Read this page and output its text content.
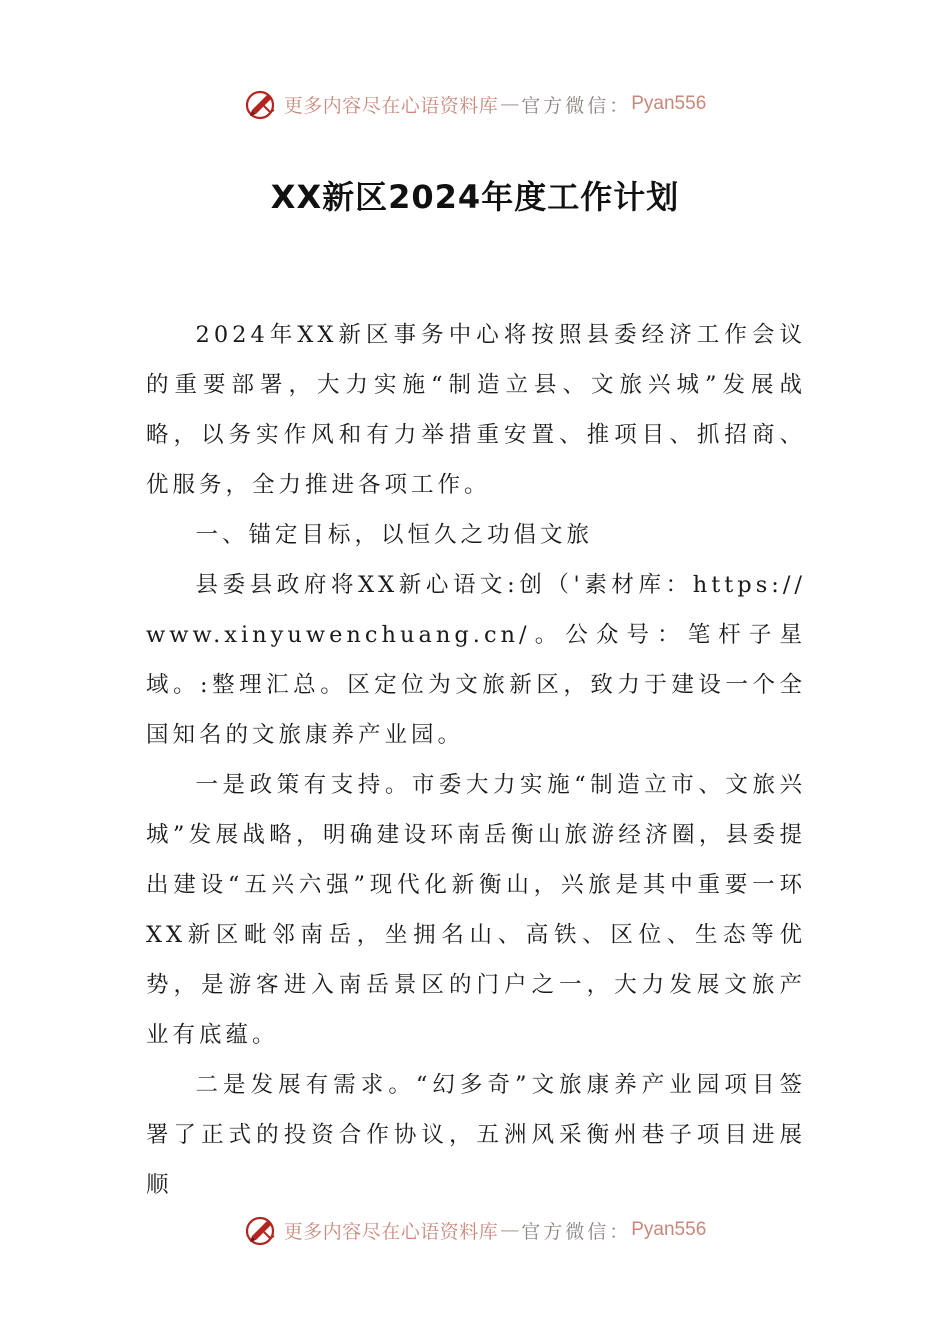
更多内容尽在心语资料库 — 官方微信： Pyan556
XX新区2024年度工作计划

2024年XX新区事务中心将按照县委经济工作会议的重要部署，大力实施“制造立县、文旅兴城”发展战略，以务实作风和有力举措重安置、推项目、抓招商、优服务，全力推进各项工作。

一、锚定目标，以恒久之功倡文旅

县委县政府将XX新心语文:创（'素材库：https://www.xinyuwenchuang.cn/。公众号：笔杆子星域。:整理汇总。区定位为文旅新区，致力于建设一个全国知名的文旅康养产业园。

一是政策有支持。市委大力实施“制造立市、文旅兴城”发展战略，明确建设环南岳衡山旅游经济圈，县委提出建设“五兴六强”现代化新衡山，兴旅是其中重要一环XX新区毗邻南岳，坐拥名山、高铁、区位、生态等优势，是游客进入南岳景区的门户之一，大力发展文旅产业有底蕴。

二是发展有需求。“幻多奇”文旅康养产业园项目签署了正式的投资合作协议，五洲风采衡州巷子项目进展顺

更多内容尽在心语资料库 — 官方微信： Pyan556
